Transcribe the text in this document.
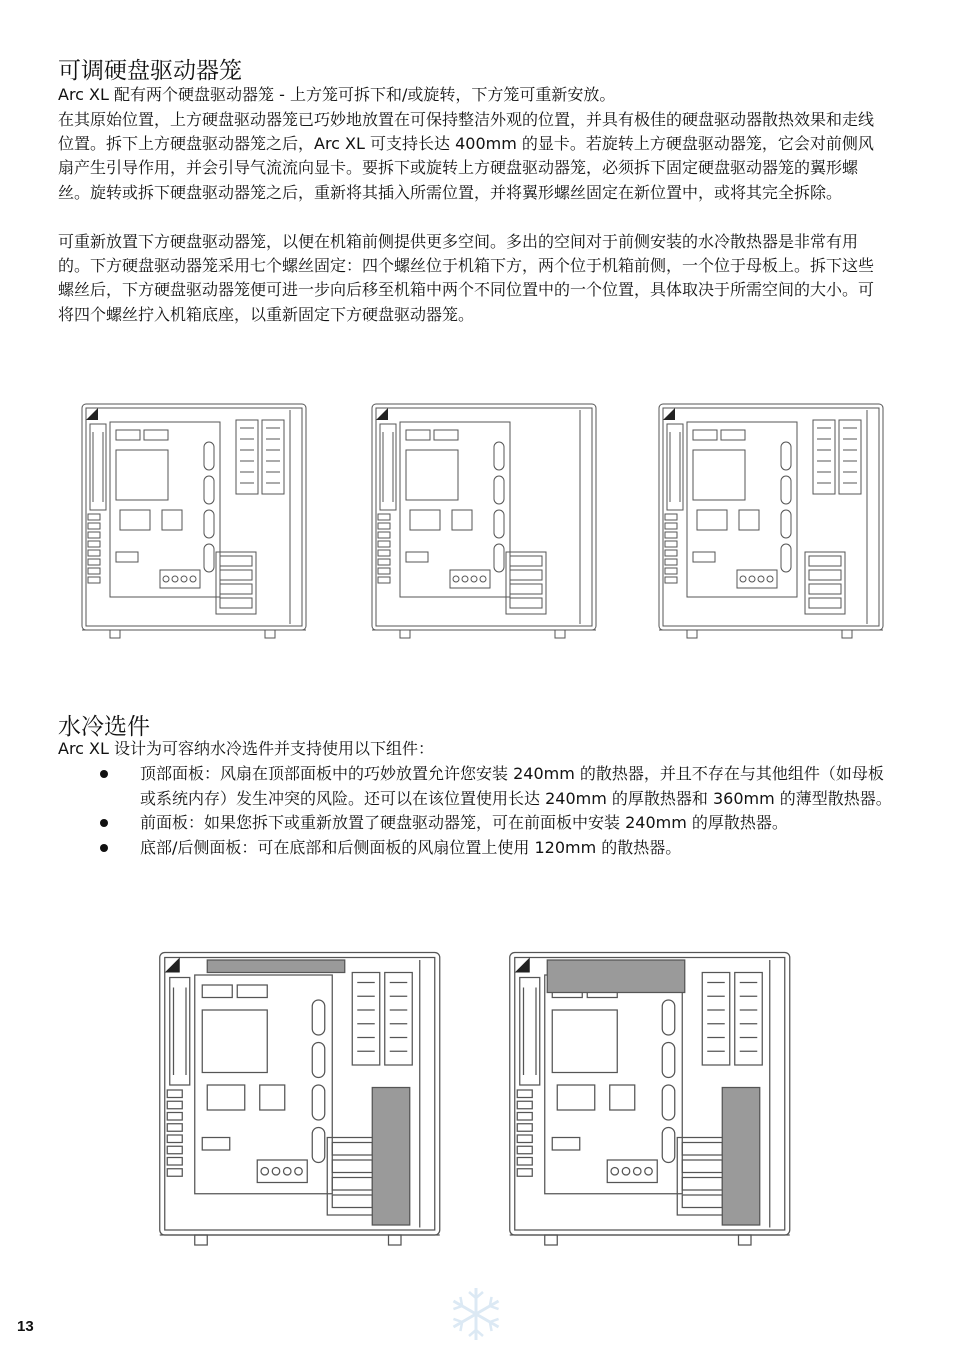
可调硬盘驱动器笼

Arc XL 配有两个硬盘驱动器笼 - 上方笼可拆下和/或旋转，下方笼可重新安放。

在其原始位置，上方硬盘驱动器笼已巧妙地放置在可保持整洁外观的位置，并具有极佳的硬盘驱动器散热效果和走线位置。拆下上方硬盘驱动器笼之后，Arc XL 可支持长达 400mm 的显卡。若旋转上方硬盘驱动器笼，它会对前侧风扇产生引导作用，并会引导气流流向显卡。要拆下或旋转上方硬盘驱动器笼，必须拆下固定硬盘驱动器笼的翼形螺丝。旋转或拆下硬盘驱动器笼之后，重新将其插入所需位置，并将翼形螺丝固定在新位置中，或将其完全拆除。

可重新放置下方硬盘驱动器笼，以便在机箱前侧提供更多空间。多出的空间对于前侧安装的水冷散热器是非常有用的。下方硬盘驱动器笼采用七个螺丝固定：四个螺丝位于机箱下方，两个位于机箱前侧，一个位于母板上。拆下这些螺丝后，下方硬盘驱动器笼便可进一步向后移至机箱中两个不同位置中的一个位置，具体取决于所需空间的大小。可将四个螺丝拧入机箱底座，以重新固定下方硬盘驱动器笼。

水冷选件

Arc XL 设计为可容纳水冷选件并支持使用以下组件：

顶部面板：风扇在顶部面板中的巧妙放置允许您安装 240mm 的散热器，并且不存在与其他组件（如母板或系统内存）发生冲突的风险。还可以在该位置使用长达 240mm 的厚散热器和 360mm 的薄型散热器。
前面板：如果您拆下或重新放置了硬盘驱动器笼，可在前面板中安装 240mm 的厚散热器。
底部/后侧面板：可在底部和后侧面板的风扇位置上使用 120mm 的散热器。
13
